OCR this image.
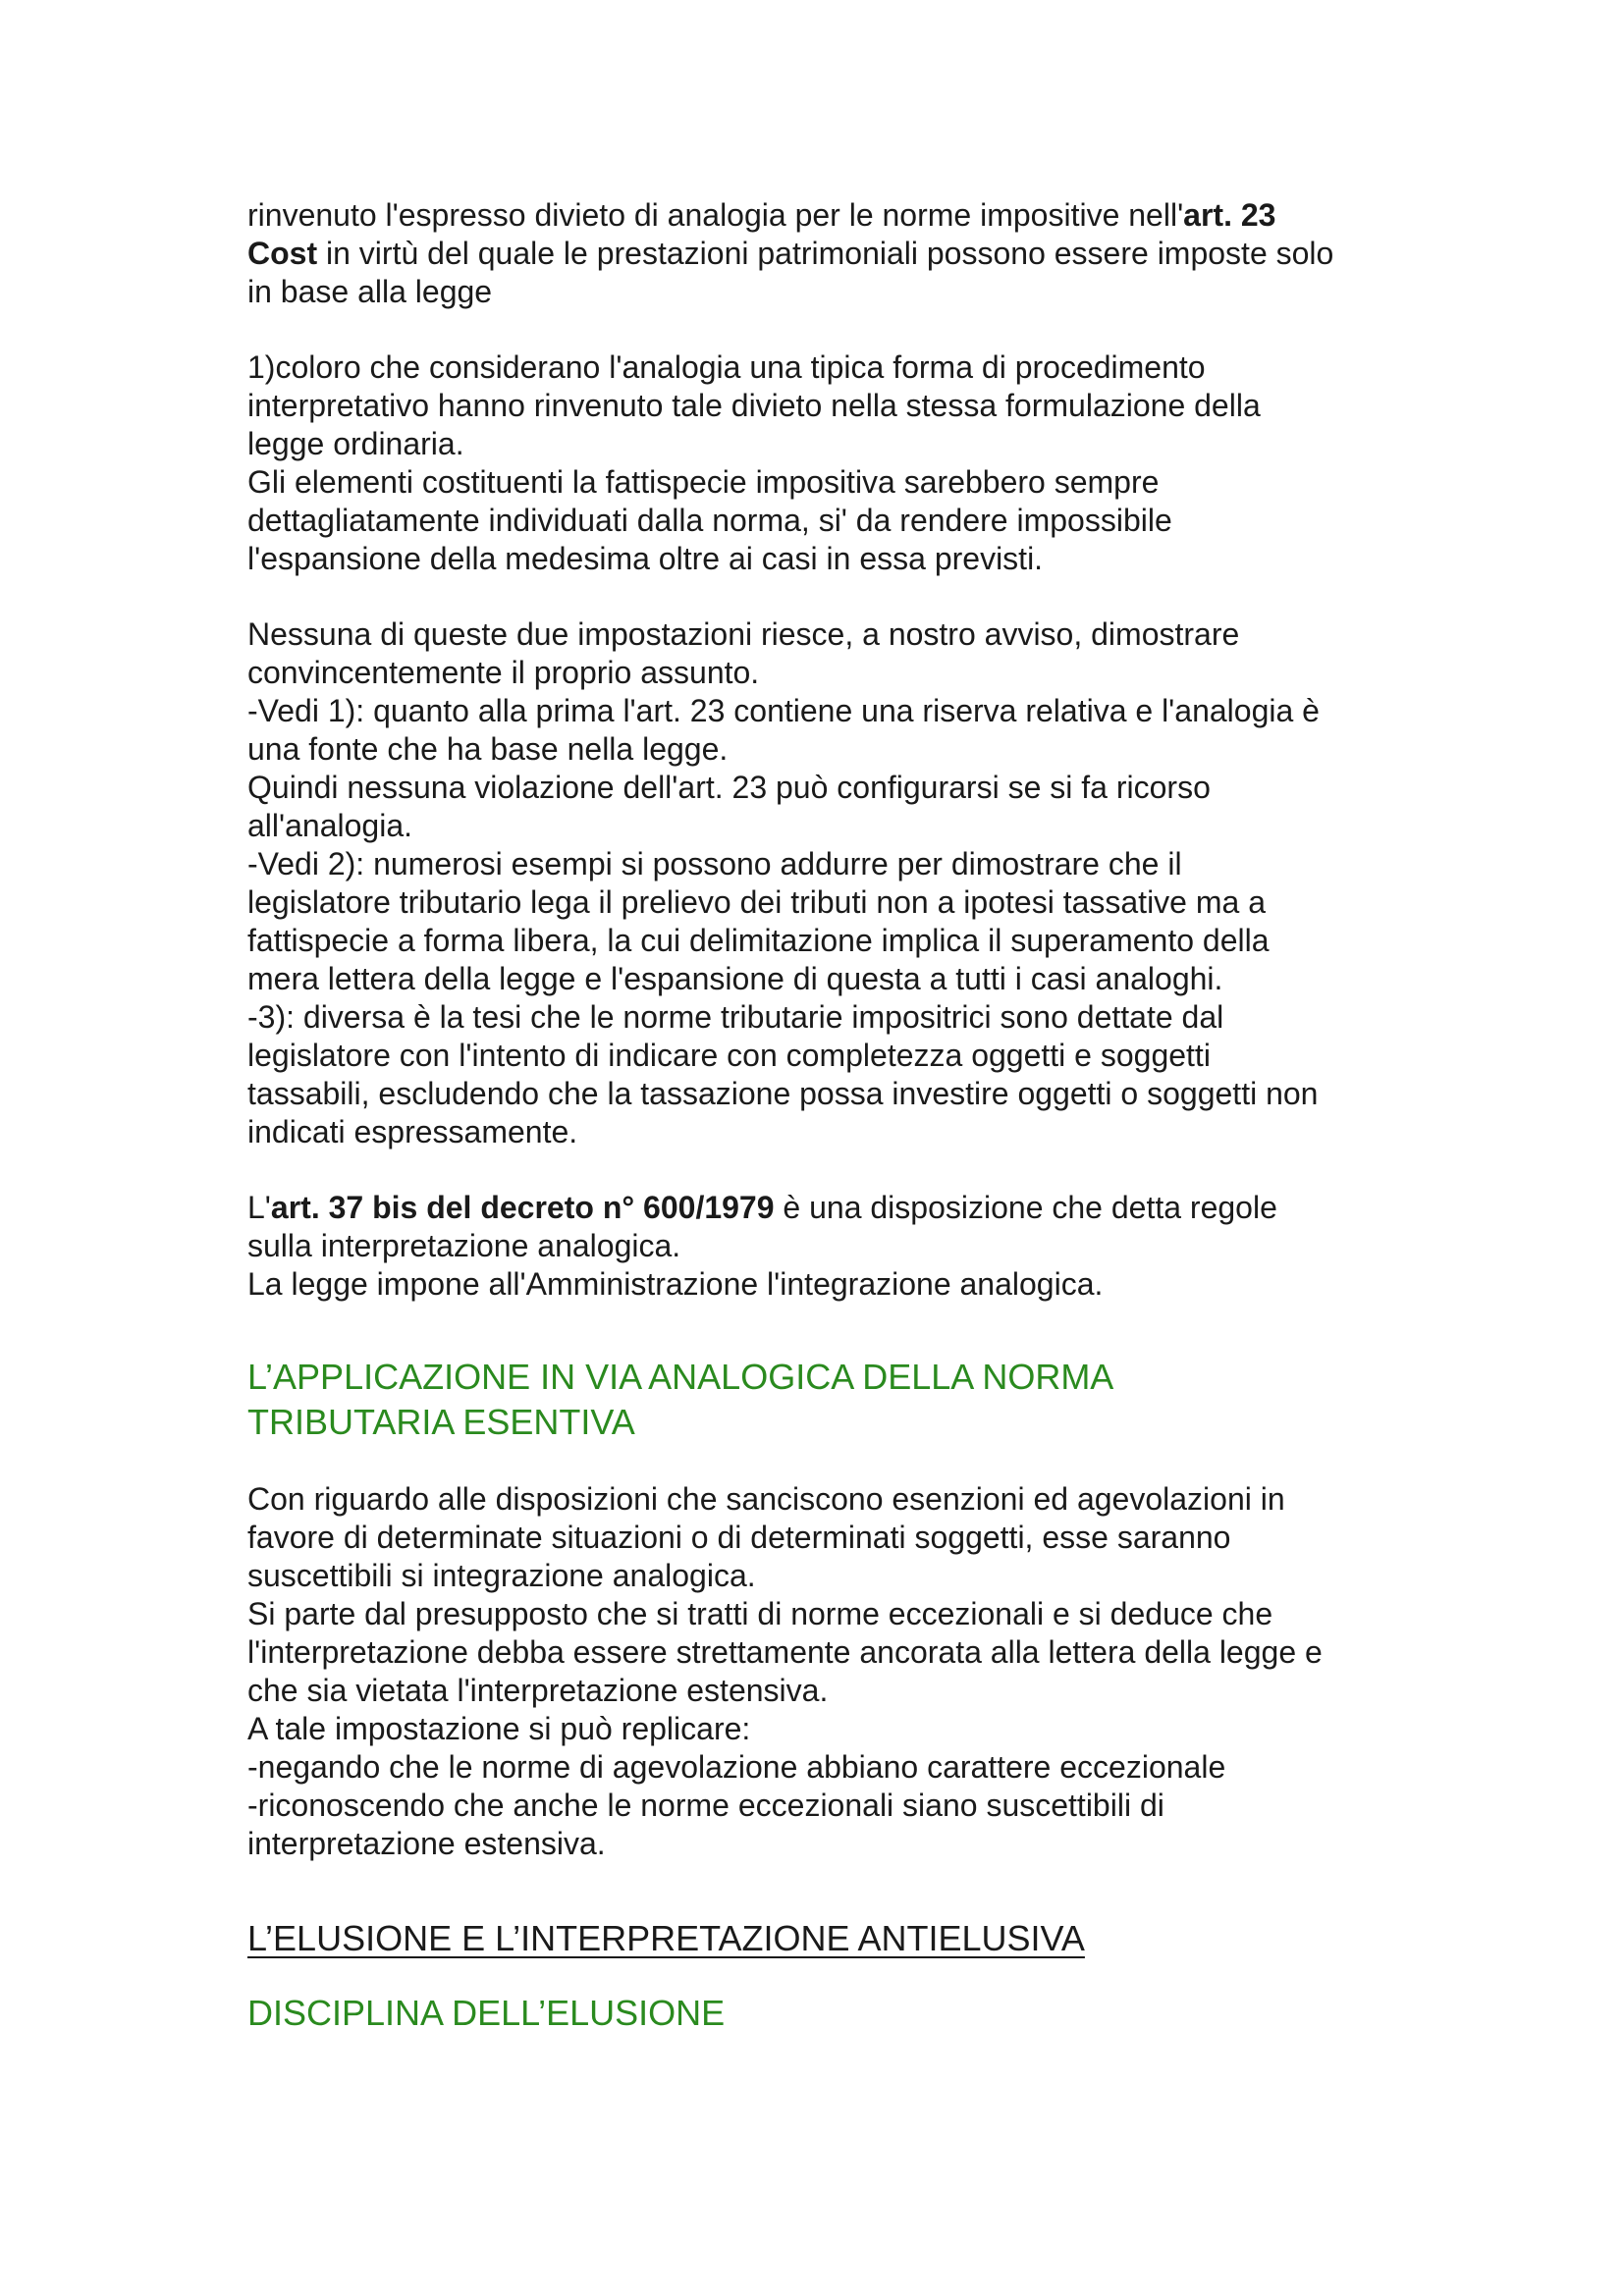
rinvenuto l'espresso divieto di analogia per le norme impositive nell'art. 23
Cost in virtù del quale le prestazioni patrimoniali possono essere imposte solo
in base alla legge
1)coloro che considerano l'analogia una tipica forma di procedimento
interpretativo hanno rinvenuto tale divieto nella stessa formulazione della
legge ordinaria.
Gli elementi costituenti la fattispecie impositiva sarebbero sempre
dettagliatamente individuati dalla norma, si' da rendere impossibile
l'espansione della medesima oltre ai casi in essa previsti.
Nessuna di queste due impostazioni riesce, a nostro avviso, dimostrare
convincentemente il proprio assunto.
-Vedi 1): quanto alla prima l'art. 23 contiene una riserva relativa e l'analogia è
una fonte che ha base nella legge.
Quindi nessuna violazione dell'art. 23 può configurarsi se si fa ricorso
all'analogia.
-Vedi 2): numerosi esempi si possono addurre per dimostrare che il
legislatore tributario lega il prelievo dei tributi non a ipotesi tassative ma a
fattispecie a forma libera, la cui delimitazione implica il superamento della
mera lettera della legge e l'espansione di questa a tutti i casi analoghi.
-3): diversa è la tesi che le norme tributarie impositrici sono dettate dal
legislatore con l'intento di indicare con completezza oggetti e soggetti
tassabili, escludendo che la tassazione possa investire oggetti o soggetti non
indicati espressamente.
L'art. 37 bis del decreto n° 600/1979 è una disposizione che detta regole
sulla interpretazione analogica.
La legge impone all'Amministrazione l'integrazione analogica.
L’APPLICAZIONE IN VIA ANALOGICA DELLA NORMA
TRIBUTARIA ESENTIVA
Con riguardo alle disposizioni che sanciscono esenzioni ed agevolazioni in
favore di determinate situazioni o di determinati soggetti, esse saranno
suscettibili si integrazione analogica.
Si parte dal presupposto che si tratti di norme eccezionali e si deduce che
l'interpretazione debba essere strettamente ancorata alla lettera della legge e
che sia vietata l'interpretazione estensiva.
A tale impostazione si può replicare:
-negando che le norme di agevolazione abbiano carattere eccezionale
-riconoscendo che anche le norme eccezionali siano suscettibili di
interpretazione estensiva.
L’ELUSIONE E L’INTERPRETAZIONE ANTIELUSIVA
DISCIPLINA DELL’ELUSIONE
